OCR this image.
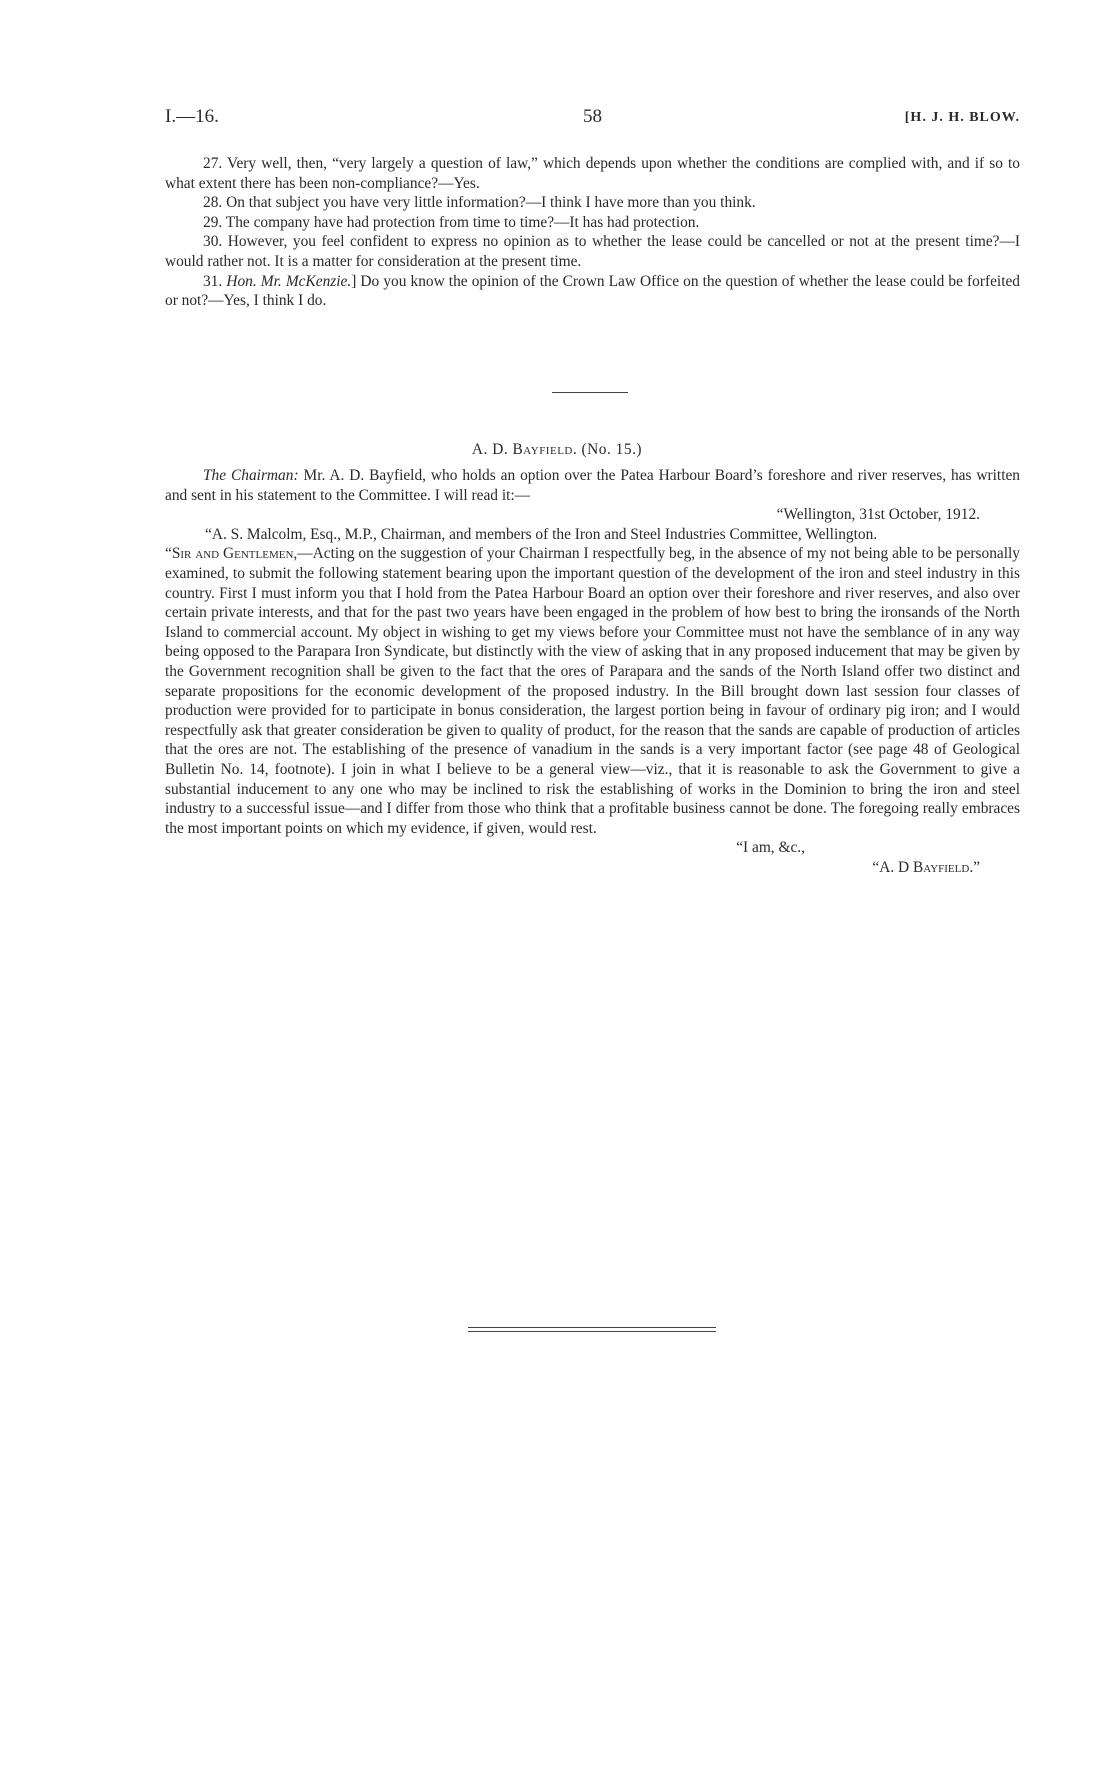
I.—16.	58	[H. J. H. BLOW.

27. Very well, then, “very largely a question of law,” which depends upon whether the conditions are complied with, and if so to what extent there has been non-compliance?—Yes.

28. On that subject you have very little information?—I think I have more than you think.

29. The company have had protection from time to time?—It has had protection.

30. However, you feel confident to express no opinion as to whether the lease could be cancelled or not at the present time?—I would rather not. It is a matter for consideration at the present time.

31. Hon. Mr. McKenzie.] Do you know the opinion of the Crown Law Office on the question of whether the lease could be forfeited or not?—Yes, I think I do.

A. D. Bayfield. (No. 15.)

The Chairman: Mr. A. D. Bayfield, who holds an option over the Patea Harbour Board’s foreshore and river reserves, has written and sent in his statement to the Committee. I will read it:—

“Wellington, 31st October, 1912.

“A. S. Malcolm, Esq., M.P., Chairman, and members of the Iron and Steel Industries Committee, Wellington.

“Sir and Gentlemen,—Acting on the suggestion of your Chairman I respectfully beg, in the absence of my not being able to be personally examined, to submit the following statement bearing upon the important question of the development of the iron and steel industry in this country. First I must inform you that I hold from the Patea Harbour Board an option over their foreshore and river reserves, and also over certain private interests, and that for the past two years have been engaged in the problem of how best to bring the ironsands of the North Island to commercial account. My object in wishing to get my views before your Committee must not have the semblance of in any way being opposed to the Parapara Iron Syndicate, but distinctly with the view of asking that in any proposed inducement that may be given by the Government recognition shall be given to the fact that the ores of Parapara and the sands of the North Island offer two distinct and separate propositions for the economic development of the proposed industry. In the Bill brought down last session four classes of production were provided for to participate in bonus consideration, the largest portion being in favour of ordinary pig iron; and I would respectfully ask that greater consideration be given to quality of product, for the reason that the sands are capable of production of articles that the ores are not. The establishing of the presence of vanadium in the sands is a very important factor (see page 48 of Geological Bulletin No. 14, footnote). I join in what I believe to be a general view—viz., that it is reasonable to ask the Government to give a substantial inducement to any one who may be inclined to risk the establishing of works in the Dominion to bring the iron and steel industry to a successful issue—and I differ from those who think that a profitable business cannot be done. The foregoing really embraces the most important points on which my evidence, if given, would rest.

“I am, &c.,

“A. D Bayfield.”
